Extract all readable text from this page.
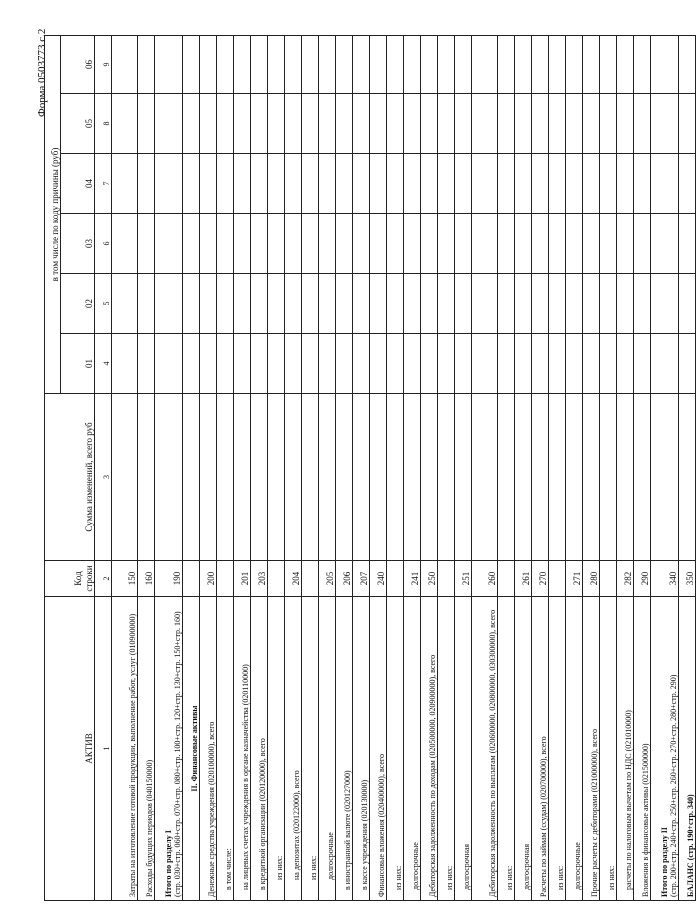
Форма 0503773 с.2
АКТИВ	Код строки	Сумма изменений, всего руб	в том числе по коду причины (руб)					
			01	02	03	04	05	06
1	2	3	4	5	6	7	8	9
Затраты на изготовление готовой продукции, выполнение работ, услуг (010900000)	150							
Расходы будущих периодов (040150000)	160							
Итого по разделу I
(стр. 030+стр. 060+стр. 070+стр. 080+стр. 100+стр. 120+стр. 130+стр. 150+стр. 160)	190							
II. Финансовые активы								
Денежные средства учреждения (020100000), всего	200							
в том числе:								
на лицевых счетах учреждения в органе казначейства (020110000)	201							
в кредитной организации (020120000), всего	203							
из них:								
на депозитах (020122000), всего	204							
из них:								
долгосрочные	205							
в иностранной валюте (020127000)	206							
в кассе учреждения (020130000)	207							
Финансовые вложения (020400000), всего	240							
из них:								
долгосрочные	241							
Дебиторская задолженность по доходам (020500000, 020900000), всего	250							
из них:								
долгосрочная	251							
Дебиторская задолженность по выплатам (020600000, 020800000, 030300000), всего	260							
из них:								
долгосрочная	261							
Расчеты по займам (ссудам) (020700000), всего	270							
из них:								
долгосрочные	271							
Прочие расчеты с дебиторами (021000000), всего	280							
из них:								
расчеты по налоговым вычетам по НДС (021010000)	282							
Вложения в финансовые активы (021500000)	290							
Итого по разделу II
(стр. 200+стр. 240+стр. 250+стр. 260+стр. 270+стр. 280+стр. 290)	340							
БАЛАНС (стр. 190+стр. 340)	350							
